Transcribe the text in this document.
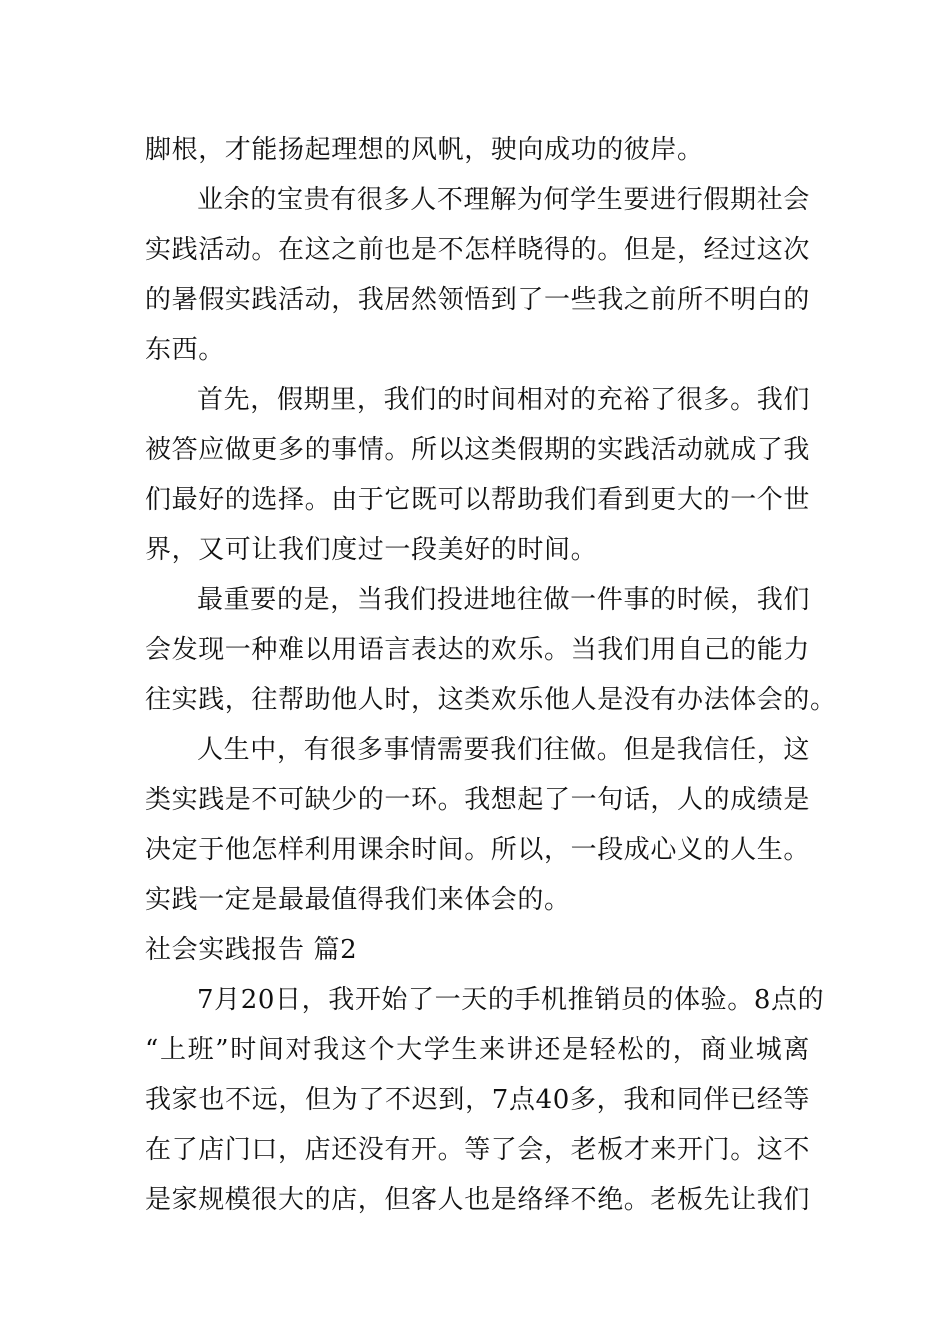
脚根，才能扬起理想的风帆，驶向成功的彼岸。
业余的宝贵有很多人不理解为何学生要进行假期社会
实践活动。在这之前也是不怎样晓得的。但是，经过这次
的暑假实践活动，我居然领悟到了一些我之前所不明白的
东西。
首先，假期里，我们的时间相对的充裕了很多。我们
被答应做更多的事情。所以这类假期的实践活动就成了我
们最好的选择。由于它既可以帮助我们看到更大的一个世
界，又可让我们度过一段美好的时间。
最重要的是，当我们投进地往做一件事的时候，我们
会发现一种难以用语言表达的欢乐。当我们用自己的能力
往实践，往帮助他人时，这类欢乐他人是没有办法体会的。
人生中，有很多事情需要我们往做。但是我信任，这
类实践是不可缺少的一环。我想起了一句话，人的成绩是
决定于他怎样利用课余时间。所以，一段成心义的人生。
实践一定是最最值得我们来体会的。
社会实践报告 篇2
7月20日，我开始了一天的手机推销员的体验。8点的
“上班”时间对我这个大学生来讲还是轻松的，商业城离
我家也不远，但为了不迟到，7点40多，我和同伴已经等
在了店门口，店还没有开。等了会，老板才来开门。这不
是家规模很大的店，但客人也是络绎不绝。老板先让我们
